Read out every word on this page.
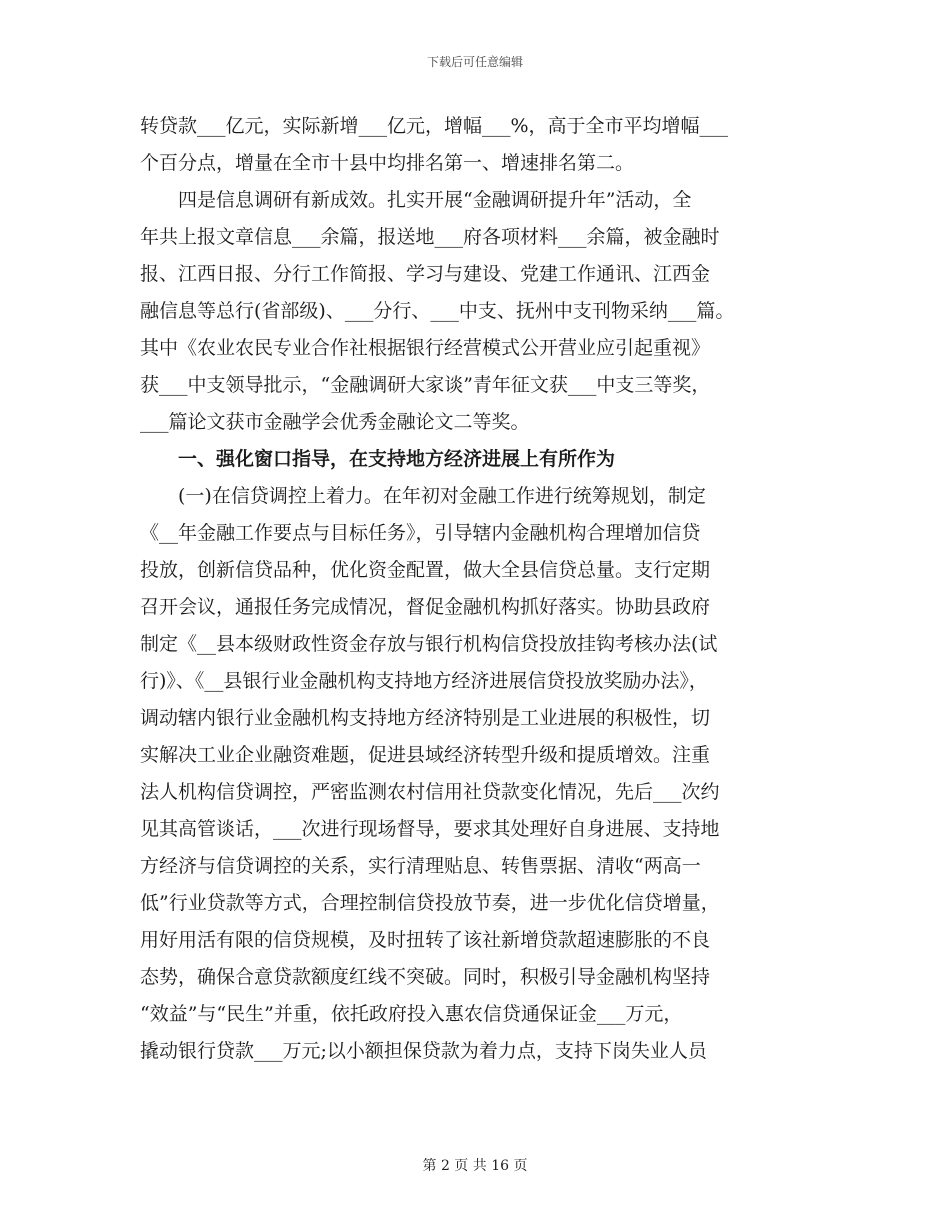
下载后可任意编辑
转贷款___亿元，实际新增___亿元，增幅___%，高于全市平均增幅___
个百分点，增量在全市十县中均排名第一、增速排名第二。
　　四是信息调研有新成效。扎实开展“金融调研提升年”活动，全
年共上报文章信息___余篇，报送地___府各项材料___余篇，被金融时
报、江西日报、分行工作简报、学习与建设、党建工作通讯、江西金
融信息等总行(省部级)、___分行、___中支、抚州中支刊物采纳___篇。
其中《农业农民专业合作社根据银行经营模式公开营业应引起重视》
获___中支领导批示，“金融调研大家谈”青年征文获___中支三等奖，
___篇论文获市金融学会优秀金融论文二等奖。
　　一、强化窗口指导，在支持地方经济进展上有所作为
　　(一)在信贷调控上着力。在年初对金融工作进行统筹规划，制定
《__年金融工作要点与目标任务》，引导辖内金融机构合理增加信贷
投放，创新信贷品种，优化资金配置，做大全县信贷总量。支行定期
召开会议，通报任务完成情况，督促金融机构抓好落实。协助县政府
制定《__县本级财政性资金存放与银行机构信贷投放挂钩考核办法(试
行)》、《__县银行业金融机构支持地方经济进展信贷投放奖励办法》，
调动辖内银行业金融机构支持地方经济特别是工业进展的积极性，切
实解决工业企业融资难题，促进县域经济转型升级和提质增效。注重
法人机构信贷调控，严密监测农村信用社贷款变化情况，先后___次约
见其高管谈话，___次进行现场督导，要求其处理好自身进展、支持地
方经济与信贷调控的关系，实行清理贴息、转售票据、清收“两高一
低”行业贷款等方式，合理控制信贷投放节奏，进一步优化信贷增量，
用好用活有限的信贷规模，及时扭转了该社新增贷款超速膨胀的不良
态势，确保合意贷款额度红线不突破。同时，积极引导金融机构坚持
“效益”与“民生”并重，依托政府投入惠农信贷通保证金___万元，
撬动银行贷款___万元;以小额担保贷款为着力点，支持下岗失业人员
第 2 页 共 16 页
